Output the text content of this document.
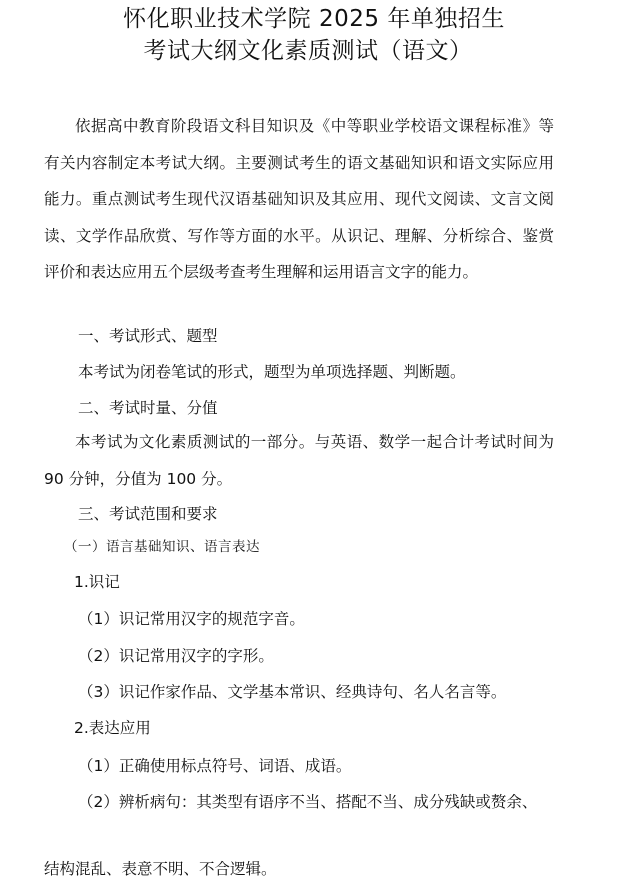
怀化职业技术学院 2025 年单独招生
考试大纲文化素质测试（语文）
依据高中教育阶段语文科目知识及《中等职业学校语文课程标准》等有关内容制定本考试大纲。主要测试考生的语文基础知识和语文实际应用能力。重点测试考生现代汉语基础知识及其应用、现代文阅读、文言文阅读、文学作品欣赏、写作等方面的水平。从识记、理解、分析综合、鉴赏评价和表达应用五个层级考查考生理解和运用语言文字的能力。
一、考试形式、题型
本考试为闭卷笔试的形式，题型为单项选择题、判断题。
二、考试时量、分值
本考试为文化素质测试的一部分。与英语、数学一起合计考试时间为 90 分钟，分值为 100 分。
三、考试范围和要求
（一）语言基础知识、语言表达
1.识记
（1）识记常用汉字的规范字音。
（2）识记常用汉字的字形。
（3）识记作家作品、文学基本常识、经典诗句、名人名言等。
2.表达应用
（1）正确使用标点符号、词语、成语。
（2）辨析病句：其类型有语序不当、搭配不当、成分残缺或赘余、
结构混乱、表意不明、不合逻辑。
